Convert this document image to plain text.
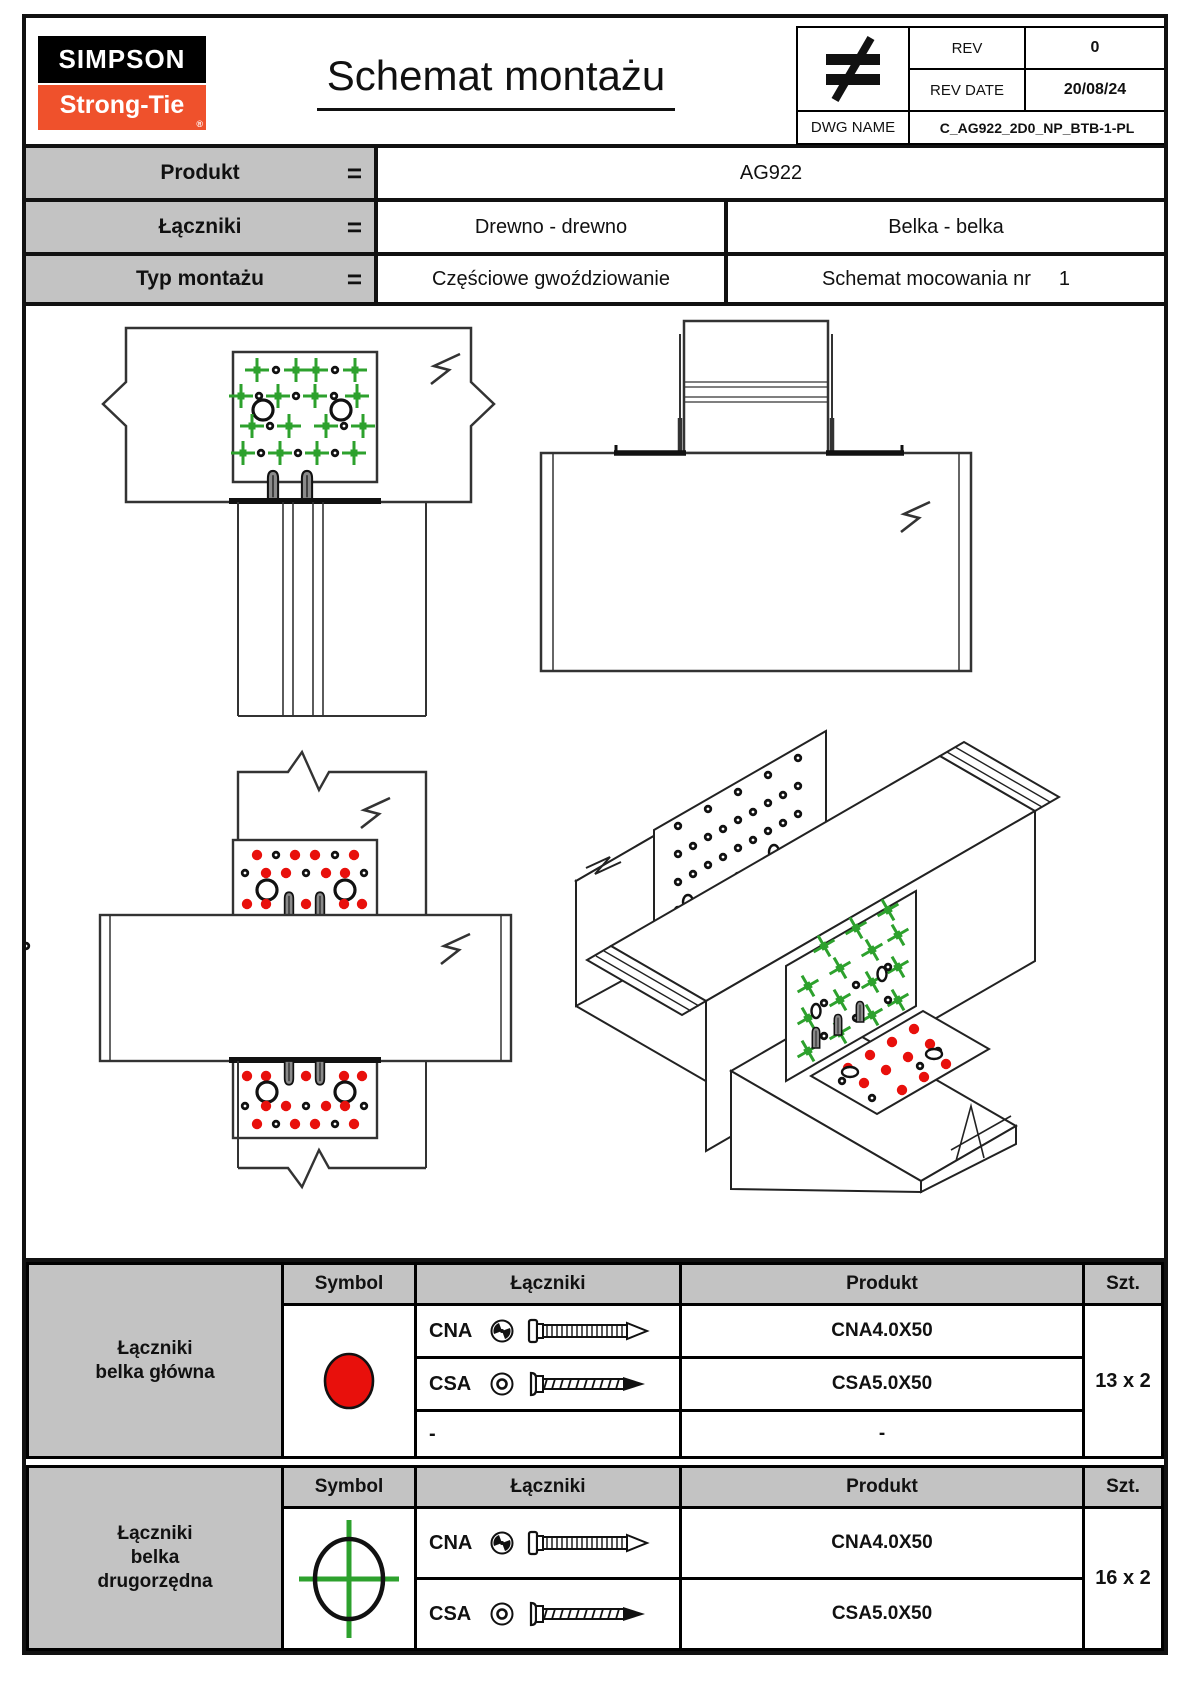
SIMPSON
Strong-Tie
®
Schemat montażu
REV	0
REV DATE	20/08/24
DWG NAME	C_AG922_2D0_NP_BTB-1-PL
Produkt	=	AG922
Łączniki	=	Drewno - drewno	Belka - belka
Typ montażu	=	Częściowe gwoździowanie	Schemat mocowania nr 1
Łączniki
belka główna
Symbol	Łączniki	Produkt	Szt.
CNA	CNA4.0X50
CSA	CSA5.0X50
-	-
13 x 2
Łączniki
belka
drugorzędna
Symbol	Łączniki	Produkt	Szt.
CNA	CNA4.0X50
CSA	CSA5.0X50
16 x 2
